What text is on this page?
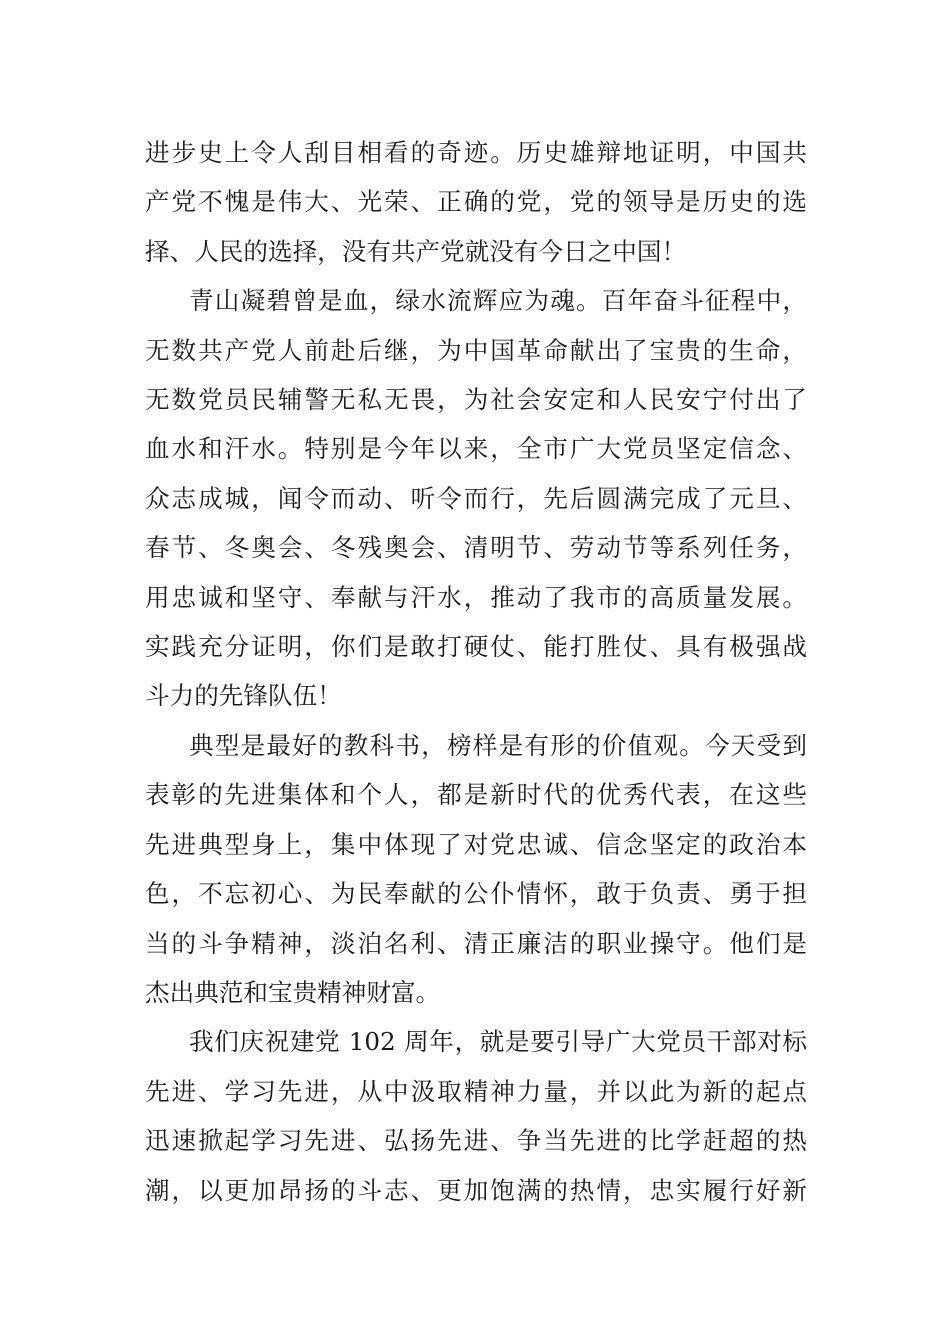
进步史上令人刮目相看的奇迹。历史雄辩地证明，中国共
产党不愧是伟大、光荣、正确的党，党的领导是历史的选
择、人民的选择，没有共产党就没有今日之中国！
青山凝碧曾是血，绿水流辉应为魂。百年奋斗征程中，
无数共产党人前赴后继，为中国革命献出了宝贵的生命，
无数党员民辅警无私无畏，为社会安定和人民安宁付出了
血水和汗水。特别是今年以来，全市广大党员坚定信念、
众志成城，闻令而动、听令而行，先后圆满完成了元旦、
春节、冬奥会、冬残奥会、清明节、劳动节等系列任务，
用忠诚和坚守、奉献与汗水，推动了我市的高质量发展。
实践充分证明，你们是敢打硬仗、能打胜仗、具有极强战
斗力的先锋队伍！
典型是最好的教科书，榜样是有形的价值观。今天受到
表彰的先进集体和个人，都是新时代的优秀代表，在这些
先进典型身上，集中体现了对党忠诚、信念坚定的政治本
色，不忘初心、为民奉献的公仆情怀，敢于负责、勇于担
当的斗争精神，淡泊名利、清正廉洁的职业操守。他们是
杰出典范和宝贵精神财富。
我们庆祝建党 102 周年，就是要引导广大党员干部对标
先进、学习先进，从中汲取精神力量，并以此为新的起点
迅速掀起学习先进、弘扬先进、争当先进的比学赶超的热
潮，以更加昂扬的斗志、更加饱满的热情，忠实履行好新
